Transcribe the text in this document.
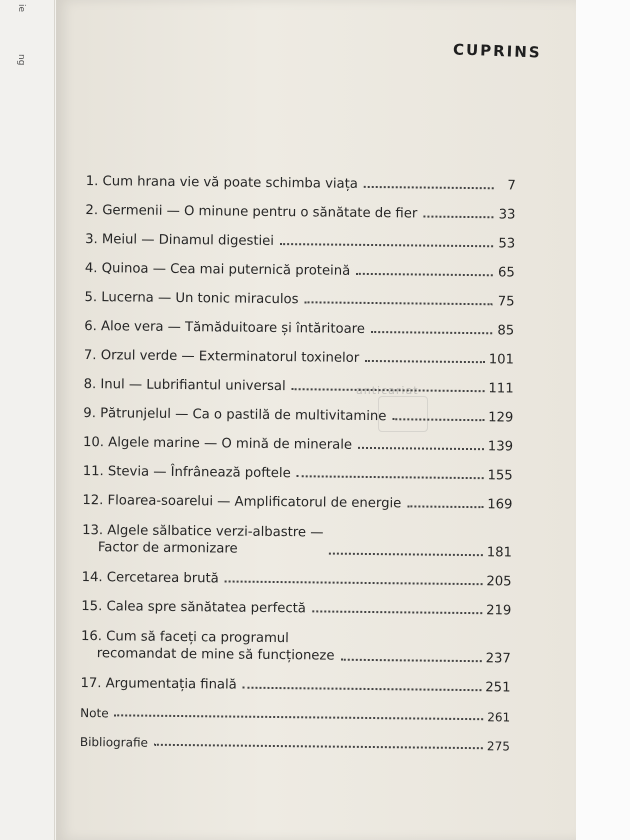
ie
ng	CUPRINS
anticariat
1. Cum hrana vie vă poate schimba viața	7
2. Germenii — O minune pentru o sănătate de fier	33
3. Meiul — Dinamul digestiei	53
4. Quinoa — Cea mai puternică proteină	65
5. Lucerna — Un tonic miraculos	75
6. Aloe vera — Tămăduitoare și întăritoare	85
7. Orzul verde — Exterminatorul toxinelor	101
8. Inul — Lubrifiantul universal	111
9. Pătrunjelul — Ca o pastilă de multivitamine	129
10. Algele marine — O mină de minerale	139
11. Stevia — Înfrânează poftele	155
12. Floarea-soarelui — Amplificatorul de energie	169
13. Algele sălbatice verzi-albastre —
Factor de armonizare	181
14. Cercetarea brută	205
15. Calea spre sănătatea perfectă	219
16. Cum să faceți ca programul
recomandat de mine să funcționeze	237
17. Argumentația finală	251
Note	261
Bibliografie	275
